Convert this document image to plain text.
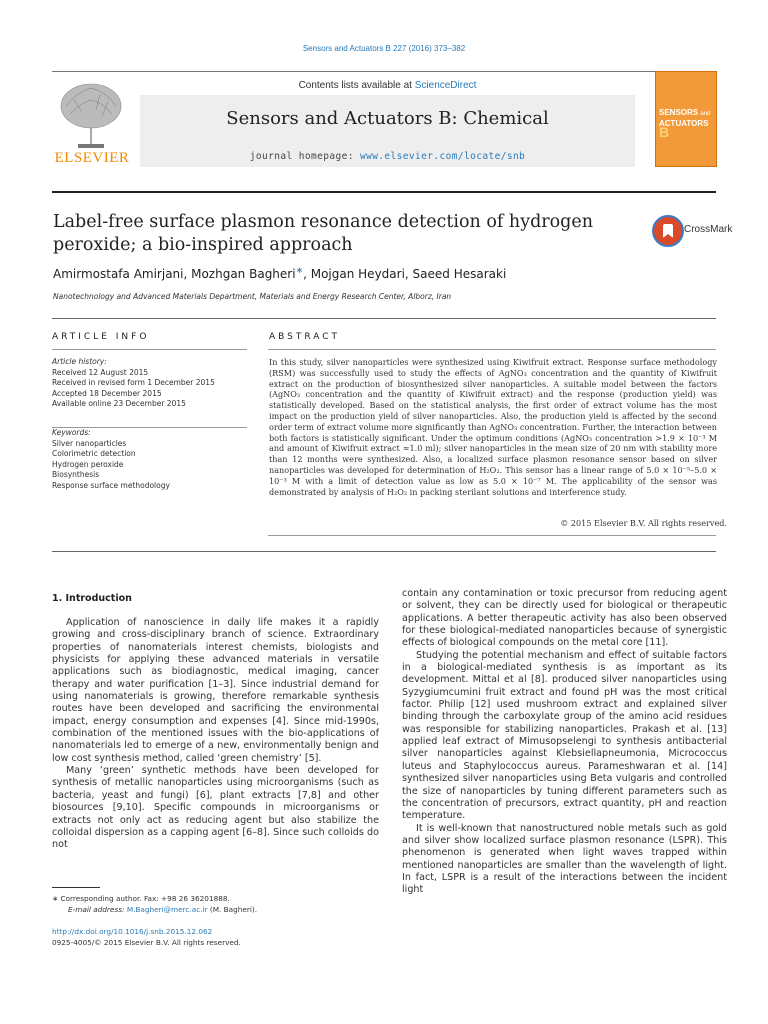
Sensors and Actuators B 227 (2016) 373–382
ELSEVIER
Contents lists available at ScienceDirect
Sensors and Actuators B: Chemical
journal homepage: www.elsevier.com/locate/snb
SENSORS and
ACTUATORS B
Label-free surface plasmon resonance detection of hydrogen peroxide; a bio-inspired approach
CrossMark
Amirmostafa Amirjani, Mozhgan Bagheri∗, Mojgan Heydari, Saeed Hesaraki
Nanotechnology and Advanced Materials Department, Materials and Energy Research Center, Alborz, Iran
ARTICLE INFO
Article history:
Received 12 August 2015
Received in revised form 1 December 2015
Accepted 18 December 2015
Available online 23 December 2015
Keywords:
Silver nanoparticles
Colorimetric detection
Hydrogen peroxide
Biosynthesis
Response surface methodology
ABSTRACT
In this study, silver nanoparticles were synthesized using Kiwifruit extract. Response surface methodology (RSM) was successfully used to study the effects of AgNO₃ concentration and the quantity of Kiwifruit extract on the production of biosynthesized silver nanoparticles. A suitable model between the factors (AgNO₃ concentration and the quantity of Kiwifruit extract) and the response (production yield) was statistically developed. Based on the statistical analysis, the first order of extract volume has the most impact on the production yield of silver nanoparticles. Also, the production yield is affected by the second order term of extract volume more significantly than AgNO₃ concentration. Further, the interaction between both factors is statistically significant. Under the optimum conditions (AgNO₃ concentration >1.9 × 10⁻³ M and amount of Kiwifruit extract ≈1.0 ml); silver nanoparticles in the mean size of 20 nm with stability more than 12 months were synthesized. Also, a localized surface plasmon resonance sensor based on silver nanoparticles was developed for determination of H₂O₂. This sensor has a linear range of 5.0 × 10⁻⁵–5.0 × 10⁻³ M with a limit of detection value as low as 5.0 × 10⁻⁷ M. The applicability of the sensor was demonstrated by analysis of H₂O₂ in packing sterilant solutions and interference study.
© 2015 Elsevier B.V. All rights reserved.
1. Introduction

Application of nanoscience in daily life makes it a rapidly growing and cross-disciplinary branch of science. Extraordinary properties of nanomaterials interest chemists, biologists and physicists for applying these advanced materials in versatile applications such as biodiagnostic, medical imaging, cancer therapy and water purification [1–3]. Since industrial demand for using nanomaterials is growing, therefore remarkable synthesis routes have been developed and sacrificing the environmental impact, energy consumption and expenses [4]. Since mid-1990s, combination of the mentioned issues with the bio-applications of nanomaterials led to emerge of a new, environmentally benign and low cost synthesis method, called ‘green chemistry’ [5].

Many ‘green’ synthetic methods have been developed for synthesis of metallic nanoparticles using microorganisms (such as bacteria, yeast and fungi) [6], plant extracts [7,8] and other biosources [9,10]. Specific compounds in microorganisms or extracts not only act as reducing agent but also stabilize the colloidal dispersion as a capping agent [6–8]. Since such colloids do not

contain any contamination or toxic precursor from reducing agent or solvent, they can be directly used for biological or therapeutic applications. A better therapeutic activity has also been observed for these biological-mediated nanoparticles because of synergistic effects of biological compounds on the metal core [11].

Studying the potential mechanism and effect of suitable factors in a biological-mediated synthesis is as important as its development. Mittal et al [8]. produced silver nanoparticles using Syzygiumcumini fruit extract and found pH was the most critical factor. Philip [12] used mushroom extract and explained silver binding through the carboxylate group of the amino acid residues was responsible for stabilizing nanoparticles. Prakash et al. [13] applied leaf extract of Mimusopselengi to synthesis antibacterial silver nanoparticles against Klebsiellapneumonia, Micrococcus luteus and Staphylococcus aureus. Parameshwaran et al. [14] synthesized silver nanoparticles using Beta vulgaris and controlled the size of nanoparticles by tuning different parameters such as the concentration of precursors, extract quantity, pH and reaction temperature.

It is well-known that nanostructured noble metals such as gold and silver show localized surface plasmon resonance (LSPR). This phenomenon is generated when light waves trapped within mentioned nanoparticles are smaller than the wavelength of light. In fact, LSPR is a result of the interactions between the incident light

∗ Corresponding author. Fax: +98 26 36201888.
E-mail address: M.Bagheri@merc.ac.ir (M. Bagheri).
http://dx.doi.org/10.1016/j.snb.2015.12.062
0925-4005/© 2015 Elsevier B.V. All rights reserved.
